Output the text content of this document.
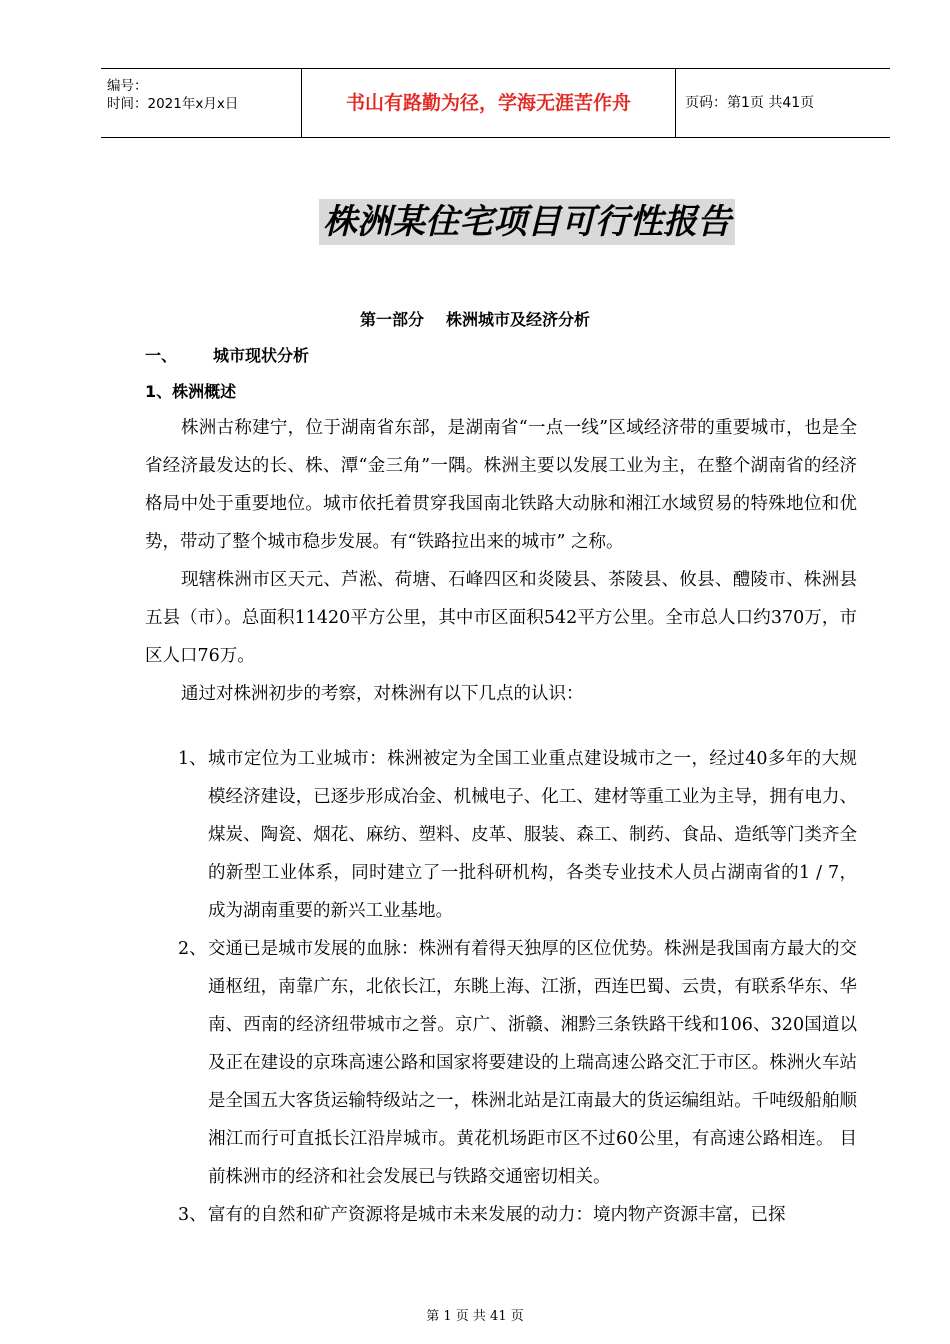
编号：
时间：2021年x月x日	书山有路勤为径，学海无涯苦作舟	页码：第1页 共41页
株洲某住宅项目可行性报告
第一部分 株洲城市及经济分析
一、 城市现状分析
1、株洲概述

株洲古称建宁，位于湖南省东部，是湖南省“一点一线”区域经济带的重要城市，也是全省经济最发达的长、株、潭“金三角”一隅。株洲主要以发展工业为主，在整个湖南省的经济格局中处于重要地位。城市依托着贯穿我国南北铁路大动脉和湘江水域贸易的特殊地位和优势，带动了整个城市稳步发展。有“铁路拉出来的城市” 之称。

现辖株洲市区天元、芦淞、荷塘、石峰四区和炎陵县、茶陵县、攸县、醴陵市、株洲县五县（市）。总面积11420平方公里，其中市区面积542平方公里。全市总人口约370万，市区人口76万。

通过对株洲初步的考察，对株洲有以下几点的认识：

1、 城市定位为工业城市：株洲被定为全国工业重点建设城市之一，经过40多年的大规模经济建设，已逐步形成冶金、机械电子、化工、建材等重工业为主导，拥有电力、煤炭、陶瓷、烟花、麻纺、塑料、皮革、服装、森工、制药、食品、造纸等门类齐全的新型工业体系，同时建立了一批科研机构，各类专业技术人员占湖南省的1 / 7，成为湖南重要的新兴工业基地。
2、 交通已是城市发展的血脉：株洲有着得天独厚的区位优势。株洲是我国南方最大的交通枢纽，南靠广东，北依长江，东眺上海、江浙，西连巴蜀、云贵，有联系华东、华南、西南的经济纽带城市之誉。京广、浙赣、湘黔三条铁路干线和106、320国道以及正在建设的京珠高速公路和国家将要建设的上瑞高速公路交汇于市区。株洲火车站是全国五大客货运输特级站之一，株洲北站是江南最大的货运编组站。千吨级船舶顺湘江而行可直抵长江沿岸城市。黄花机场距市区不过60公里，有高速公路相连。 目前株洲市的经济和社会发展已与铁路交通密切相关。
3、 富有的自然和矿产资源将是城市未来发展的动力：境内物产资源丰富，已探
第 1 页 共 41 页
